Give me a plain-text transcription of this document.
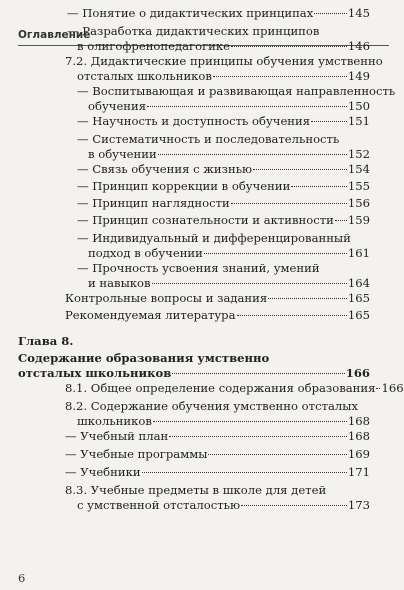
Оглавление
Глава 8.
— Понятие о дидактических принципах	145
— Разработка дидактических принципов
в олигофренопедагогике	146
7.2. Дидактические принципы обучения умственно
отсталых школьников	149
— Воспитывающая и развивающая направленность
обучения	150
— Научность и доступность обучения	151
— Систематичность и последовательность
в обучении	152
— Связь обучения с жизнью	154
— Принцип коррекции в обучении	155
— Принцип наглядности	156
— Принцип сознательности и активности 159
— Индивидуальный и дифференцированный
подход в обучении	161
— Прочность усвоения знаний, умений
и навыков	164
Контрольные вопросы и задания	165
Рекомендуемая литература	165
Содержание образования умственно
отсталых школьников	166
8.1. Общее определение содержания образования 166
8.2. Содержание обучения умственно отсталых
школьников	168
— Учебный план	168
— Учебные программы	169
— Учебники	171
8.3. Учебные предметы в школе для детей
с умственной отсталостью	173
6
